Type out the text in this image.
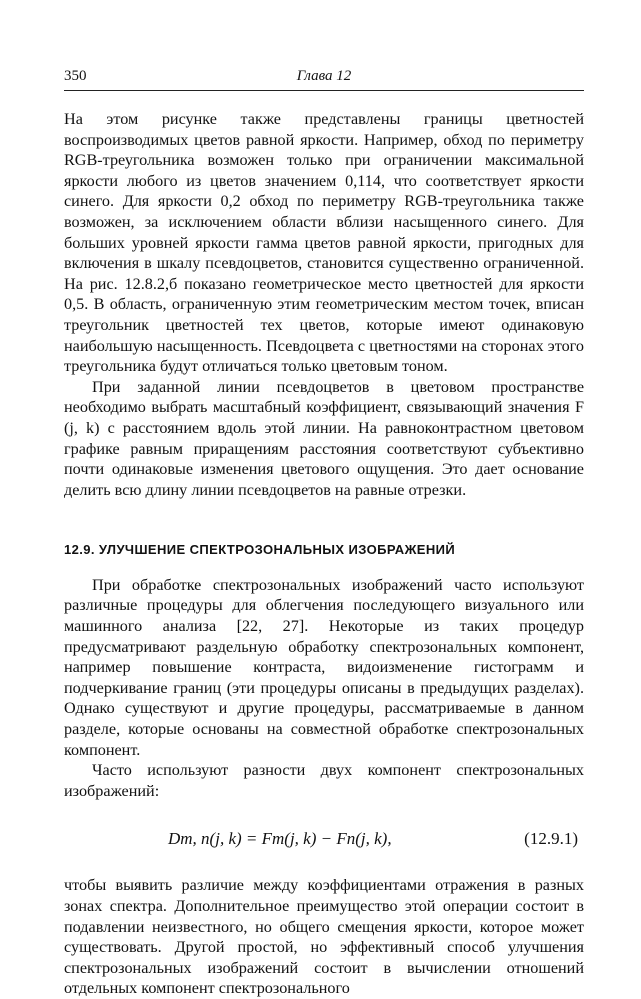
350	Глава 12

На этом рисунке также представлены границы цветностей воспроизводимых цветов равной яркости. Например, обход по периметру RGB-треугольника возможен только при ограничении максимальной яркости любого из цветов значением 0,114, что соответствует яркости синего. Для яркости 0,2 обход по периметру RGB-треугольника также возможен, за исключением области вблизи насыщенного синего. Для больших уровней яркости гамма цветов равной яркости, пригодных для включения в шкалу псевдоцветов, становится существенно ограниченной. На рис. 12.8.2,б показано геометрическое место цветностей для яркости 0,5. В область, ограниченную этим геометрическим местом точек, вписан треугольник цветностей тех цветов, которые имеют одинаковую наибольшую насыщенность. Псевдоцвета с цветностями на сторонах этого треугольника будут отличаться только цветовым тоном.

При заданной линии псевдоцветов в цветовом пространстве необходимо выбрать масштабный коэффициент, связывающий значения F (j, k) с расстоянием вдоль этой линии. На равноконтрастном цветовом графике равным приращениям расстояния соответствуют субъективно почти одинаковые изменения цветового ощущения. Это дает основание делить всю длину линии псевдоцветов на равные отрезки.

12.9. УЛУЧШЕНИЕ СПЕКТРОЗОНАЛЬНЫХ ИЗОБРАЖЕНИЙ

При обработке спектрозональных изображений часто используют различные процедуры для облегчения последующего визуального или машинного анализа [22, 27]. Некоторые из таких процедур предусматривают раздельную обработку спектрозональных компонент, например повышение контраста, видоизменение гистограмм и подчеркивание границ (эти процедуры описаны в предыдущих разделах). Однако существуют и другие процедуры, рассматриваемые в данном разделе, которые основаны на совместной обработке спектрозональных компонент.

Часто используют разности двух компонент спектрозональных изображений:

Dm, n(j, k) = Fm(j, k) − Fn(j, k),	(12.9.1)

чтобы выявить различие между коэффициентами отражения в разных зонах спектра. Дополнительное преимущество этой операции состоит в подавлении неизвестного, но общего смещения яркости, которое может существовать. Другой простой, но эффективный способ улучшения спектрозональных изображений состоит в вычислении отношений отдельных компонент спектрозонального
